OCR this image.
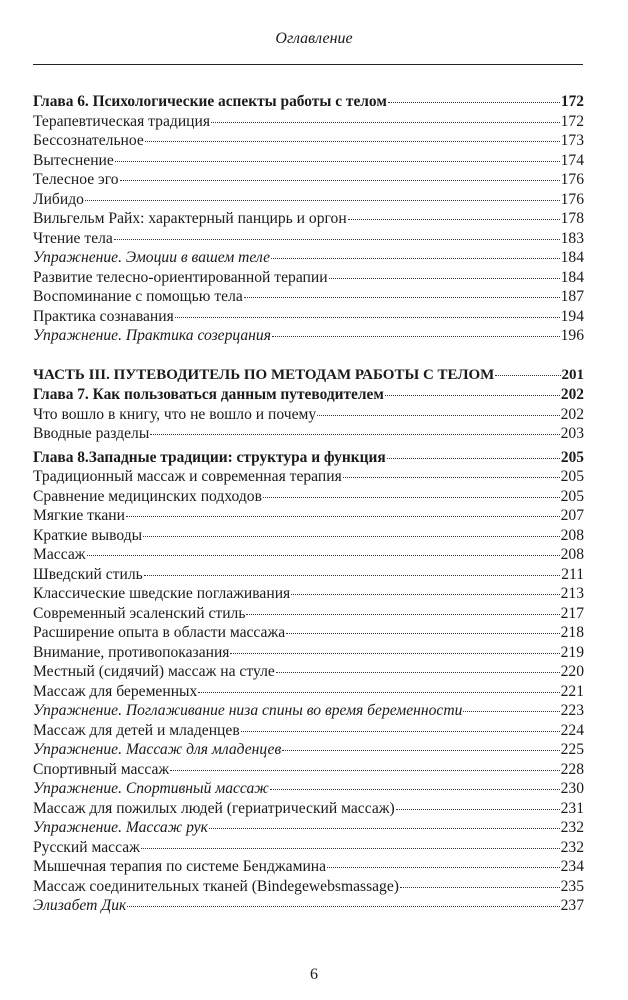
Оглавление
Глава 6. Психологические аспекты работы с телом	172
Терапевтическая традиция	172
Бессознательное	173
Вытеснение	174
Телесное эго	176
Либидо	176
Вильгельм Райх: характерный панцирь и оргон	178
Чтение тела	183
Упражнение. Эмоции в вашем теле	184
Развитие телесно-ориентированной терапии	184
Воспоминание с помощью тела	187
Практика сознавания	194
Упражнение. Практика созерцания	196
ЧАСТЬ III. ПУТЕВОДИТЕЛЬ ПО МЕТОДАМ РАБОТЫ С ТЕЛОМ	201
Глава 7. Как пользоваться данным путеводителем	202
Что вошло в книгу, что не вошло и почему	202
Вводные разделы	203
Глава 8.Западные традиции: структура и функция	205
Традиционный массаж и современная терапия	205
Сравнение медицинских подходов	205
Мягкие ткани	207
Краткие выводы	208
Массаж	208
Шведский стиль	211
Классические шведские поглаживания	213
Современный эсаленский стиль	217
Расширение опыта в области массажа	218
Внимание, противопоказания	219
Местный (сидячий) массаж на стуле	220
Массаж для беременных	221
Упражнение. Поглаживание низа спины во время беременности	223
Массаж для детей и младенцев	224
Упражнение. Массаж для младенцев	225
Спортивный массаж	228
Упражнение. Спортивный массаж	230
Массаж для пожилых людей (гериатрический массаж)	231
Упражнение. Массаж рук	232
Русский массаж	232
Мышечная терапия по системе Бенджамина	234
Массаж соединительных тканей (Bindegewebsmassage)	235
Элизабет Дик	237
6
